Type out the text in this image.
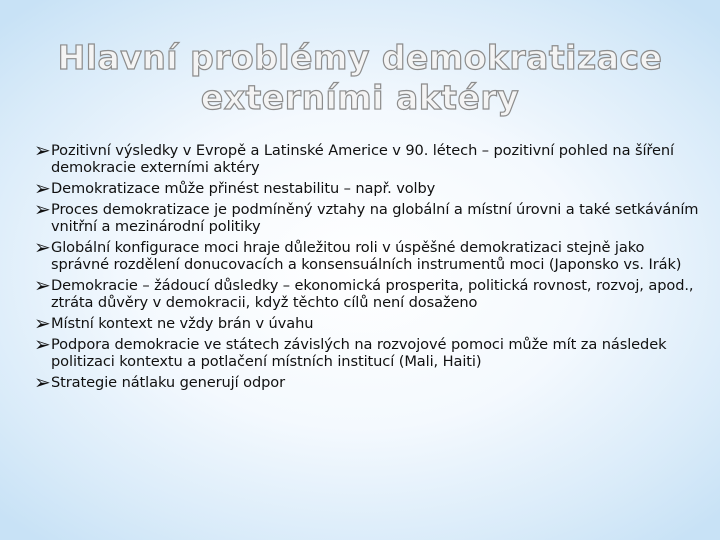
Hlavní problémy demokratizace
externími aktéry
➢ Pozitivní výsledky v Evropě a Latinské Americe v 90. létech – pozitivní pohled na šíření demokracie externími aktéry
➢ Demokratizace může přinést nestabilitu – např. volby
➢ Proces demokratizace je podmíněný vztahy na globální a místní úrovni a také setkáváním vnitřní a mezinárodní politiky
➢ Globální konfigurace moci hraje důležitou roli v úspěšné demokratizaci stejně jako správné rozdělení donucovacích a konsensuálních instrumentů moci (Japonsko vs. Irák)
➢ Demokracie – žádoucí důsledky – ekonomická prosperita, politická rovnost, rozvoj, apod., ztráta důvěry v demokracii, když těchto cílů není dosaženo
➢ Místní kontext ne vždy brán v úvahu
➢ Podpora demokracie ve státech závislých na rozvojové pomoci může mít za následek politizaci kontextu a potlačení místních institucí (Mali, Haiti)
➢ Strategie nátlaku generují odpor
